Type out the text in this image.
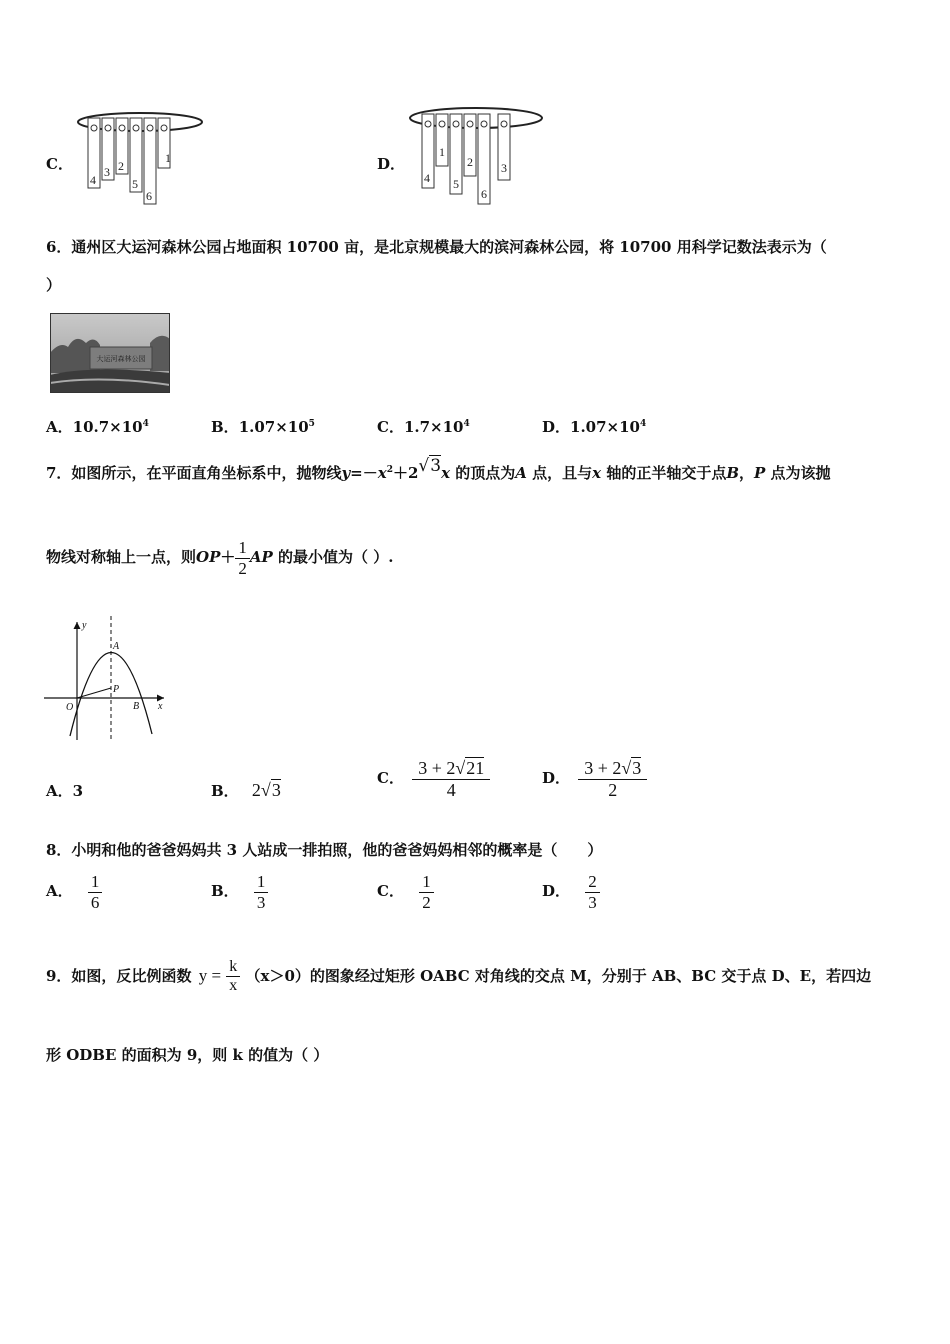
C．
4
3 2
5
6
1	D．
4
1
5
2
6
3
6．通州区大运河森林公园占地面积 10700 亩，是北京规模最大的滨河森林公园，将 10700 用科学记数法表示为（
）
大运河森林公园
A．$10.7\times 10^4$	B．$1.07\times 10^5$	C．$1.7\times 10^4$	D．$1.07\times 10^4$
7．如图所示，在平面直角坐标系中，抛物线$y=-x^2+2√3x$ 的顶点为A 点，且与x 轴的正半轴交于点B，P 点为该抛
物线对称轴上一点，则$OP+ \frac{1}{2}$ AP 的最小值为（ ）.
y
x
O
A
B
P
A．3	B． 2√3
C． $\frac{3 + 2√21}{4}$	D． $\frac{3 + 2√3}{2}$
8．小明和他的爸爸妈妈共 3 人站成一排拍照，他的爸爸妈妈相邻的概率是（　　）
A． $\frac{1}{6}$	B． $\frac{1}{3}$	C． $\frac{1}{2}$	D． $\frac{2}{3}$
9．如图，反比例函数 $y = \frac{k}{x} (x>0)$的图象经过矩形 OABC 对角线的交点 M，分别于 AB、BC 交于点 D、E，若四边
形 ODBE 的面积为 9，则 k 的值为（ ）
